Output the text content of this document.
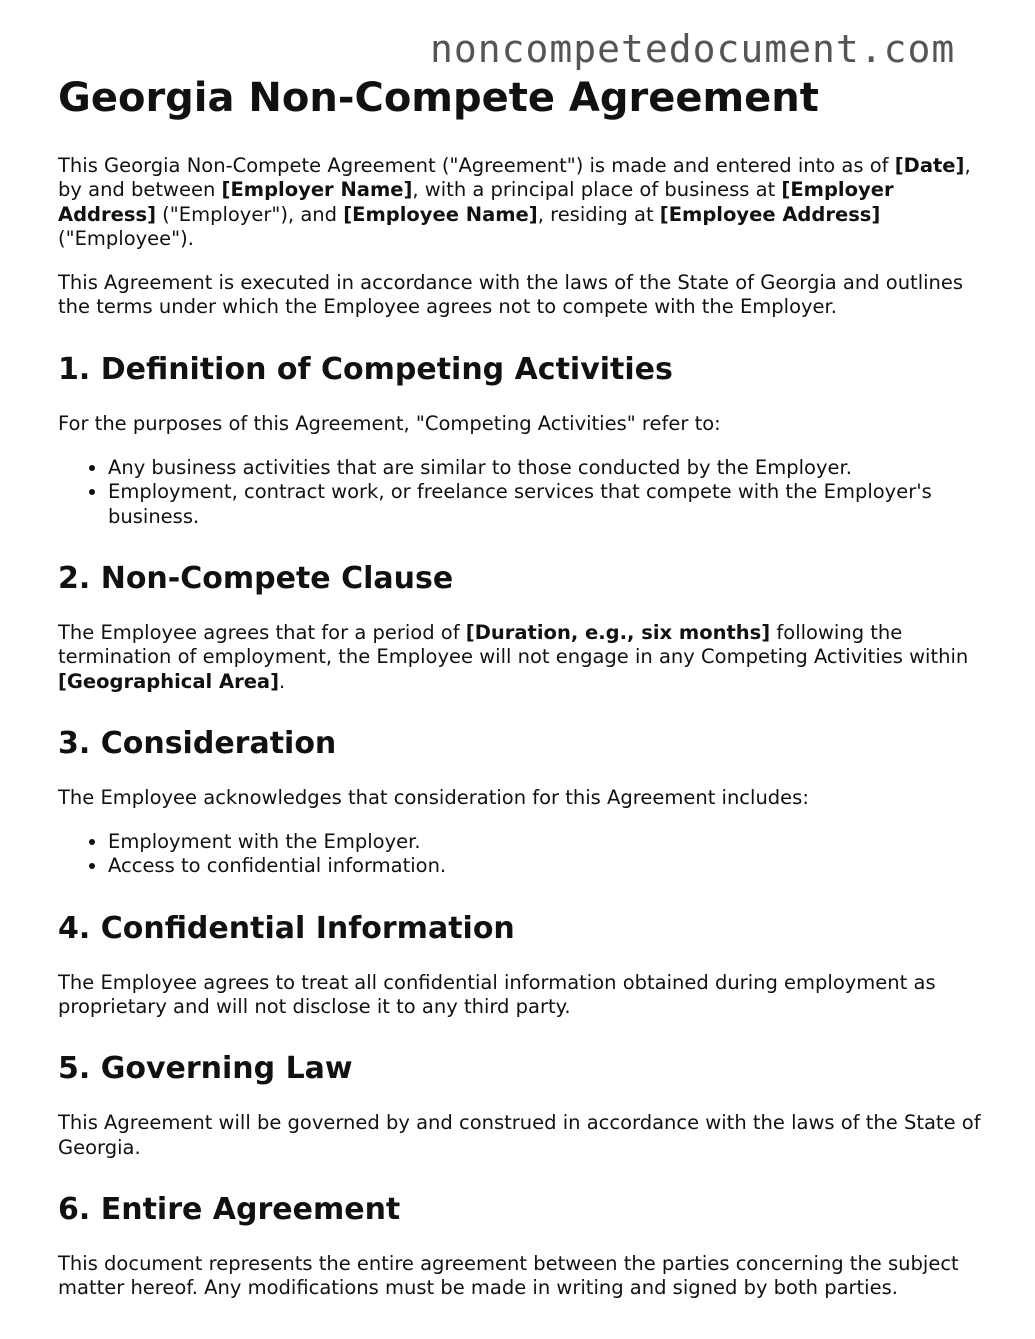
noncompetedocument.com
Georgia Non-Compete Agreement

This Georgia Non-Compete Agreement ("Agreement") is made and entered into as of [Date], by and between [Employer Name], with a principal place of business at [Employer Address] ("Employer"), and [Employee Name], residing at [Employee Address] ("Employee").

This Agreement is executed in accordance with the laws of the State of Georgia and outlines the terms under which the Employee agrees not to compete with the Employer.

1. Definition of Competing Activities

For the purposes of this Agreement, "Competing Activities" refer to:

• Any business activities that are similar to those conducted by the Employer.
• Employment, contract work, or freelance services that compete with the Employer's business.
2. Non-Compete Clause

The Employee agrees that for a period of [Duration, e.g., six months] following the termination of employment, the Employee will not engage in any Competing Activities within [Geographical Area].

3. Consideration

The Employee acknowledges that consideration for this Agreement includes:

• Employment with the Employer.
• Access to confidential information.
4. Confidential Information

The Employee agrees to treat all confidential information obtained during employment as proprietary and will not disclose it to any third party.

5. Governing Law

This Agreement will be governed by and construed in accordance with the laws of the State of Georgia.

6. Entire Agreement

This document represents the entire agreement between the parties concerning the subject matter hereof. Any modifications must be made in writing and signed by both parties.
